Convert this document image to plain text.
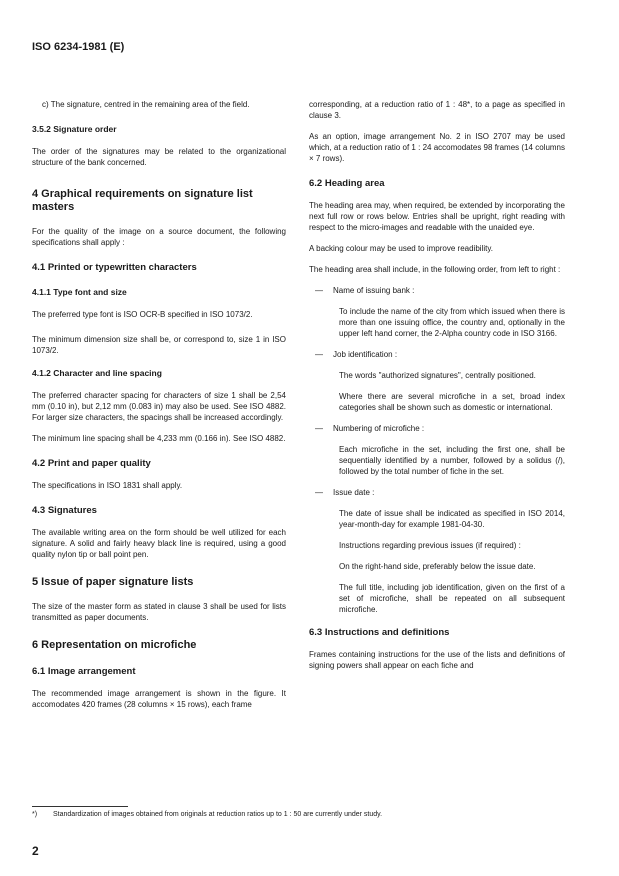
ISO 6234-1981 (E)

c) The signature, centred in the remaining area of the field.

3.5.2 Signature order

The order of the signatures may be related to the organizational structure of the bank concerned.

4 Graphical requirements on signature list masters

For the quality of the image on a source document, the following specifications shall apply :

4.1 Printed or typewritten characters
4.1.1 Type font and size

The preferred type font is ISO OCR-B specified in ISO 1073/2.

The minimum dimension size shall be, or correspond to, size 1 in ISO 1073/2.

4.1.2 Character and line spacing

The preferred character spacing for characters of size 1 shall be 2,54 mm (0.10 in), but 2,12 mm (0.083 in) may also be used. See ISO 4882. For larger size characters, the spacings shall be increased accordingly.

The minimum line spacing shall be 4,233 mm (0.166 in). See ISO 4882.

4.2 Print and paper quality

The specifications in ISO 1831 shall apply.

4.3 Signatures

The available writing area on the form should be well utilized for each signature. A solid and fairly heavy black line is required, using a good quality nylon tip or ball point pen.

5 Issue of paper signature lists

The size of the master form as stated in clause 3 shall be used for lists transmitted as paper documents.

6 Representation on microfiche
6.1 Image arrangement

The recommended image arrangement is shown in the figure. It accomodates 420 frames (28 columns × 15 rows), each frame

corresponding, at a reduction ratio of 1 : 48*, to a page as specified in clause 3.

As an option, image arrangement No. 2 in ISO 2707 may be used which, at a reduction ratio of 1 : 24 accomodates 98 frames (14 columns × 7 rows).

6.2 Heading area

The heading area may, when required, be extended by incorporating the next full row or rows below. Entries shall be upright, right reading with respect to the micro-images and readable with the unaided eye.

A backing colour may be used to improve readibility.

The heading area shall include, in the following order, from left to right :

—	Name of issuing bank :

To include the name of the city from which issued when there is more than one issuing office, the country and, optionally in the upper left hand corner, the 2-Alpha country code in ISO 3166.

—	Job identification :

The words "authorized signatures", centrally positioned.

Where there are several microfiche in a set, broad index categories shall be shown such as domestic or international.

—	Numbering of microfiche :

Each microfiche in the set, including the first one, shall be sequentially identified by a number, followed by a solidus (/), followed by the total number of fiche in the set.

—	Issue date :

The date of issue shall be indicated as specified in ISO 2014, year-month-day for example 1981-04-30.

Instructions regarding previous issues (if required) :

On the right-hand side, preferably below the issue date.

The full title, including job identification, given on the first of a set of microfiche, shall be repeated on all subsequent microfiche.

6.3 Instructions and definitions

Frames containing instructions for the use of the lists and definitions of signing powers shall appear on each fiche and

*) Standardization of images obtained from originals at reduction ratios up to 1 : 50 are currently under study.
2
